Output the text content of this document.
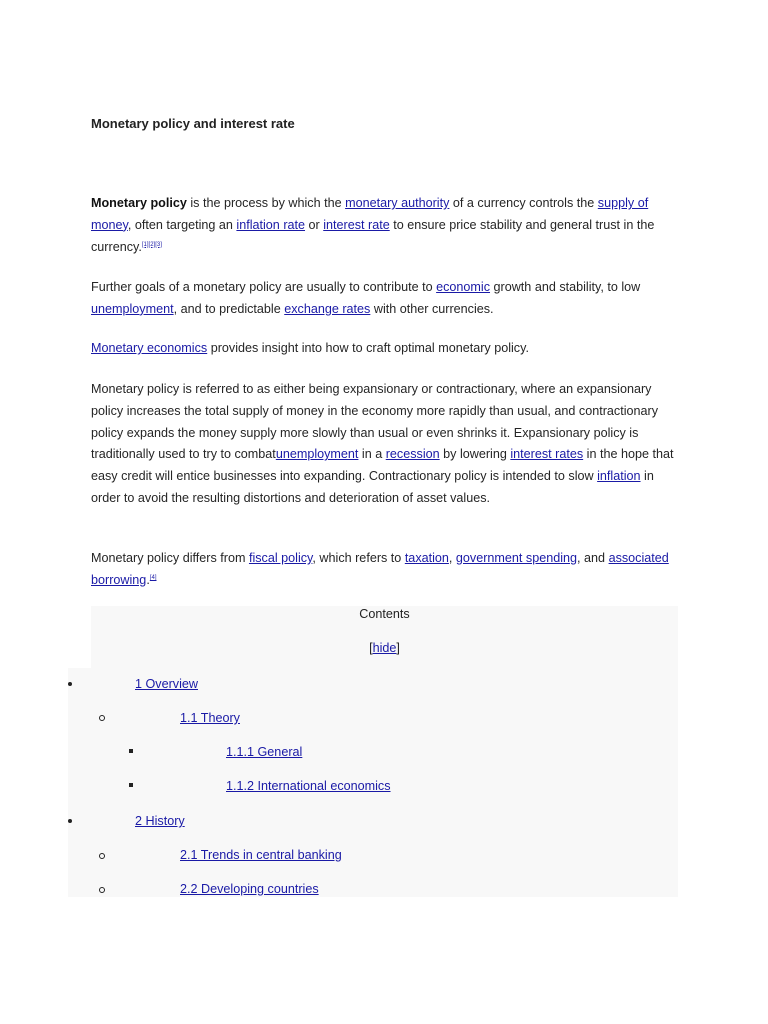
Monetary policy and interest rate
Monetary policy is the process by which the monetary authority of a currency controls the supply of money, often targeting an inflation rate or interest rate to ensure price stability and general trust in the currency.[1][2][3]
Further goals of a monetary policy are usually to contribute to economic growth and stability, to low unemployment, and to predictable exchange rates with other currencies.
Monetary economics provides insight into how to craft optimal monetary policy.
Monetary policy is referred to as either being expansionary or contractionary, where an expansionary policy increases the total supply of money in the economy more rapidly than usual, and contractionary policy expands the money supply more slowly than usual or even shrinks it. Expansionary policy is traditionally used to try to combatunemployment in a recession by lowering interest rates in the hope that easy credit will entice businesses into expanding. Contractionary policy is intended to slow inflation in order to avoid the resulting distortions and deterioration of asset values.
Monetary policy differs from fiscal policy, which refers to taxation, government spending, and associated borrowing.[4]
Contents
[hide]
1 Overview
1.1 Theory
1.1.1 General
1.1.2 International economics
2 History
2.1 Trends in central banking
2.2 Developing countries
